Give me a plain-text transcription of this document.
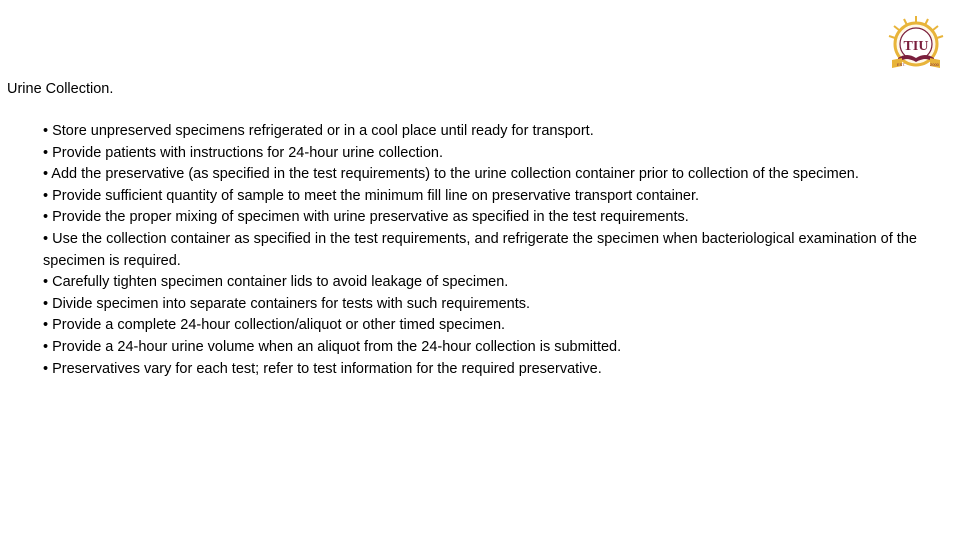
EST.	2000
TIU
Urine Collection.
• Store unpreserved specimens refrigerated or in a cool place until ready for transport.
• Provide patients with instructions for 24-hour urine collection.
• Add the preservative (as specified in the test requirements) to the urine collection container prior to collection of the specimen.
• Provide sufficient quantity of sample to meet the minimum fill line on preservative transport container.
• Provide the proper mixing of specimen with urine preservative as specified in the test requirements.
• Use the collection container as specified in the test requirements, and refrigerate the specimen when bacteriological examination of the specimen is required.
• Carefully tighten specimen container lids to avoid leakage of specimen.
• Divide specimen into separate containers for tests with such requirements.
• Provide a complete 24-hour collection/aliquot or other timed specimen.
• Provide a 24-hour urine volume when an aliquot from the 24-hour collection is submitted.
• Preservatives vary for each test; refer to test information for the required preservative.
